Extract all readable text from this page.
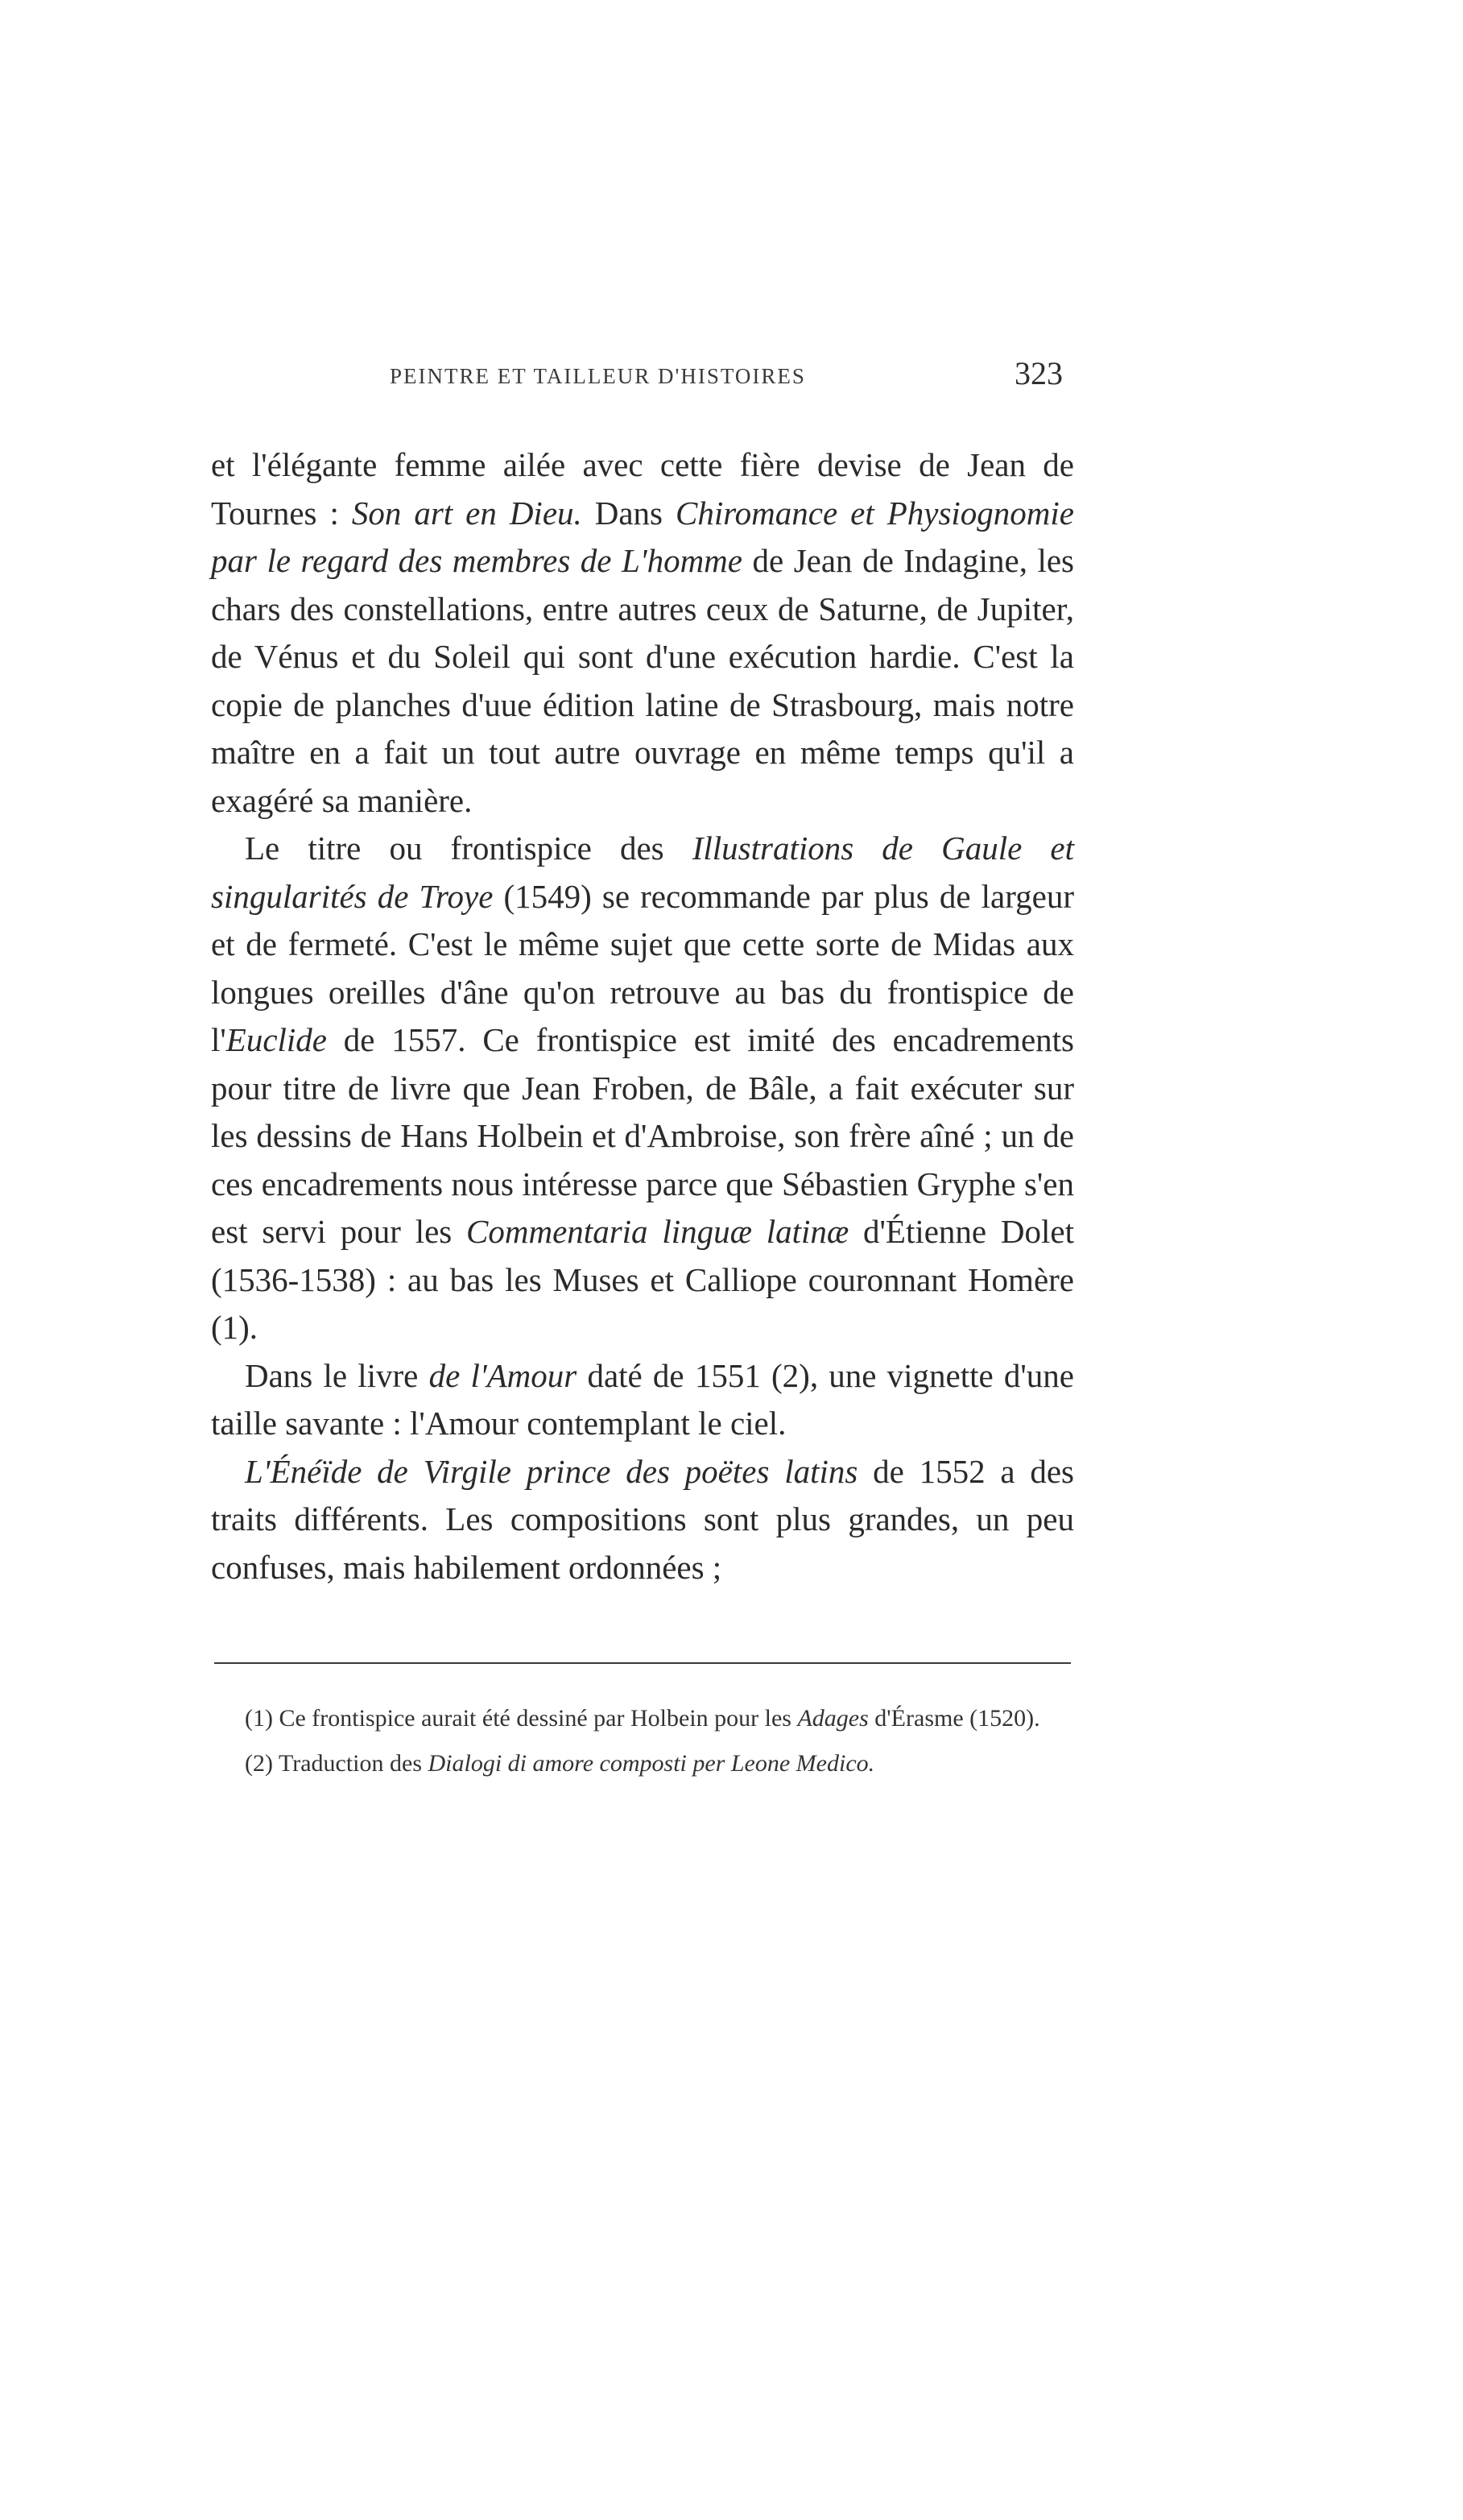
PEINTRE ET TAILLEUR D'HISTOIRES	323

et l'élégante femme ailée avec cette fière devise de Jean de Tournes : Son art en Dieu. Dans Chiromance et Physiognomie par le regard des membres de L'homme de Jean de Indagine, les chars des constellations, entre autres ceux de Saturne, de Jupiter, de Vénus et du Soleil qui sont d'une exécution hardie. C'est la copie de planches d'uue édition latine de Strasbourg, mais notre maître en a fait un tout autre ouvrage en même temps qu'il a exagéré sa manière.

Le titre ou frontispice des Illustrations de Gaule et singularités de Troye (1549) se recommande par plus de largeur et de fermeté. C'est le même sujet que cette sorte de Midas aux longues oreilles d'âne qu'on retrouve au bas du frontispice de l'Euclide de 1557. Ce frontispice est imité des encadrements pour titre de livre que Jean Froben, de Bâle, a fait exécuter sur les dessins de Hans Holbein et d'Ambroise, son frère aîné ; un de ces encadrements nous intéresse parce que Sébastien Gryphe s'en est servi pour les Commentaria linguæ latinæ d'Étienne Dolet (1536-1538) : au bas les Muses et Calliope couronnant Homère (1).

Dans le livre de l'Amour daté de 1551 (2), une vignette d'une taille savante : l'Amour contemplant le ciel.

L'Énéïde de Virgile prince des poëtes latins de 1552 a des traits différents. Les compositions sont plus grandes, un peu confuses, mais habilement ordonnées ;

(1) Ce frontispice aurait été dessiné par Holbein pour les Adages d'Érasme (1520).

(2) Traduction des Dialogi di amore composti per Leone Medico.
